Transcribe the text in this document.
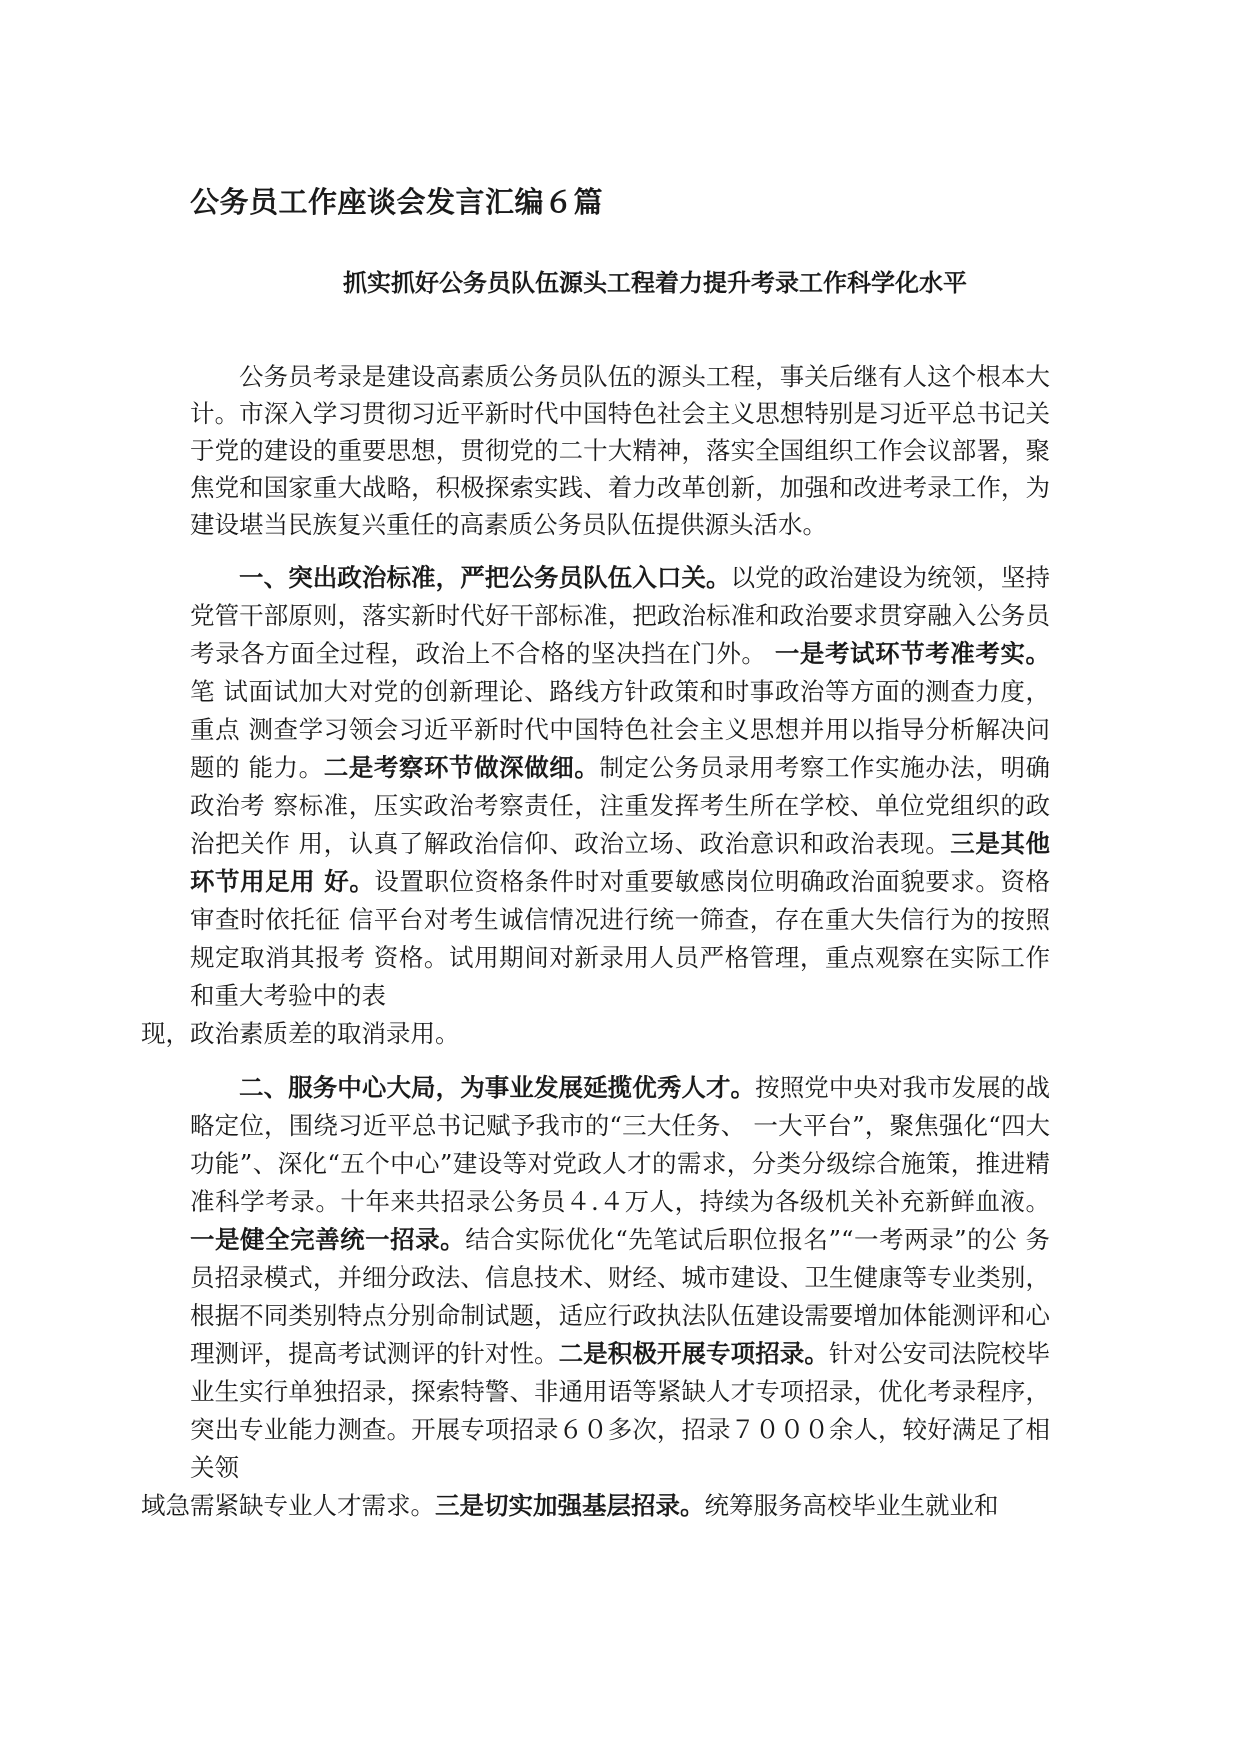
公务员工作座谈会发言汇编６篇
抓实抓好公务员队伍源头工程着力提升考录工作科学化水平

公务员考录是建设高素质公务员队伍的源头工程，事关后继有人这个根本大计。市深入学习贯彻习近平新时代中国特色社会主义思想特别是习近平总书记关于党的建设的重要思想，贯彻党的二十大精神，落实全国组织工作会议部署，聚焦党和国家重大战略，积极探索实践、着力改革创新，加强和改进考录工作，为建设堪当民族复兴重任的高素质公务员队伍提供源头活水。

一、突出政治标准，严把公务员队伍入口关。以党的政治建设为统领，坚持党管干部原则，落实新时代好干部标准，把政治标准和政治要求贯穿融入公务员 考录各方面全过程，政治上不合格的坚决挡在门外。 一是考试环节考准考实。笔 试面试加大对党的创新理论、路线方针政策和时事政治等方面的测查力度，重点 测查学习领会习近平新时代中国特色社会主义思想并用以指导分析解决问题的 能力。二是考察环节做深做细。制定公务员录用考察工作实施办法，明确政治考 察标准，压实政治考察责任，注重发挥考生所在学校、单位党组织的政治把关作 用，认真了解政治信仰、政治立场、政治意识和政治表现。三是其他环节用足用 好。设置职位资格条件时对重要敏感岗位明确政治面貌要求。资格审查时依托征 信平台对考生诚信情况进行统一筛查，存在重大失信行为的按照规定取消其报考 资格。试用期间对新录用人员严格管理，重点观察在实际工作和重大考验中的表
现，政治素质差的取消录用。

二、服务中心大局，为事业发展延揽优秀人才。按照党中央对我市发展的战略定位，围绕习近平总书记赋予我市的“三大任务、 一大平台”，聚焦强化“四大功能”、深化“五个中心”建设等对党政人才的需求，分类分级综合施策，推进精准科学考录。十年来共招录公务员４.４万人，持续为各级机关补充新鲜血液。 一是健全完善统一招录。结合实际优化“先笔试后职位报名”“一考两录”的公 务员招录模式，并细分政法、信息技术、财经、城市建设、卫生健康等专业类别， 根据不同类别特点分别命制试题，适应行政执法队伍建设需要增加体能测评和心 理测评，提高考试测评的针对性。二是积极开展专项招录。针对公安司法院校毕 业生实行单独招录，探索特警、非通用语等紧缺人才专项招录，优化考录程序， 突出专业能力测查。开展专项招录６０多次，招录７０００余人，较好满足了相关领
域急需紧缺专业人才需求。三是切实加强基层招录。统筹服务高校毕业生就业和
